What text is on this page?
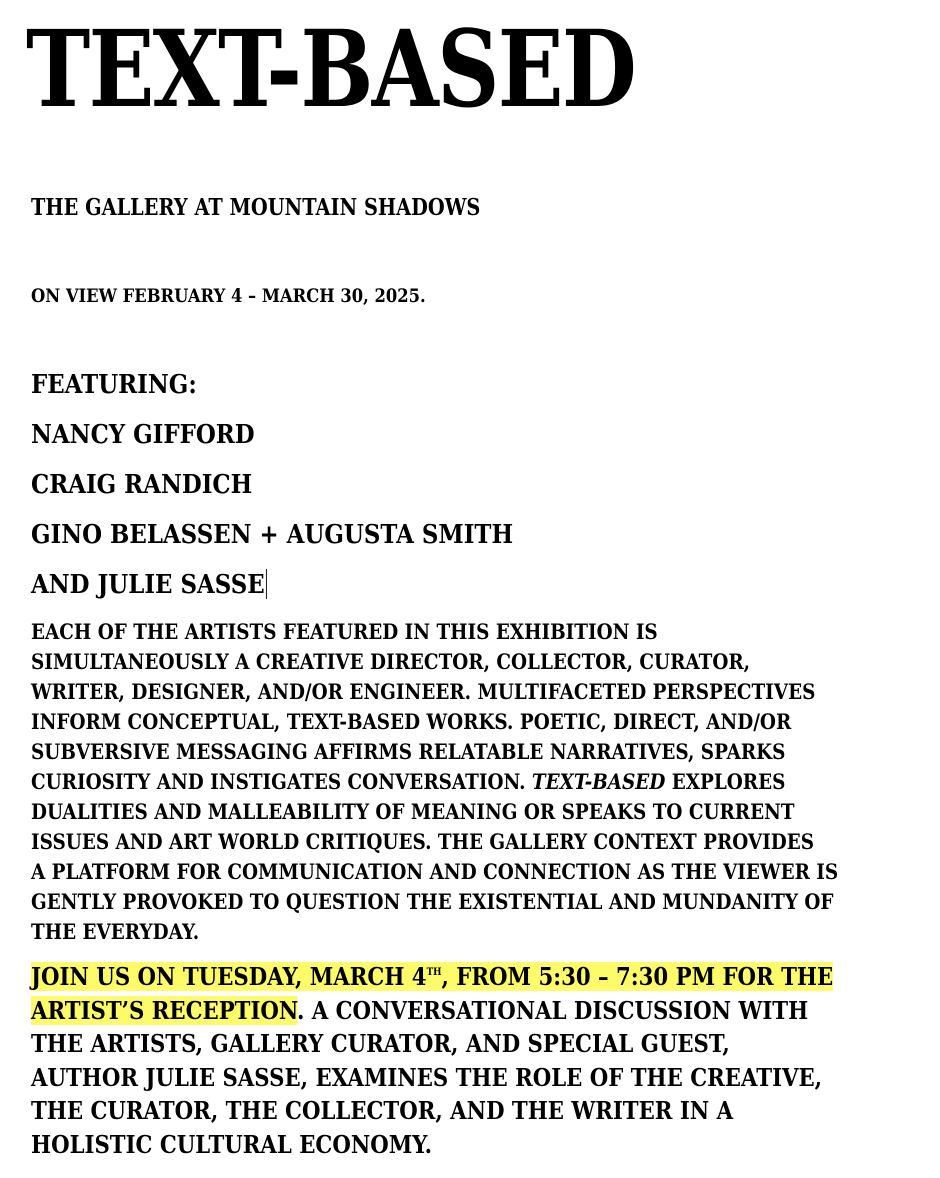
TEXT-BASED

THE GALLERY AT MOUNTAIN SHADOWS

ON VIEW FEBRUARY 4 – MARCH 30, 2025.

FEATURING:

NANCY GIFFORD

CRAIG RANDICH

GINO BELASSEN + AUGUSTA SMITH

AND JULIE SASSE

EACH OF THE ARTISTS FEATURED IN THIS EXHIBITION IS
SIMULTANEOUSLY A CREATIVE DIRECTOR, COLLECTOR, CURATOR,
WRITER, DESIGNER, AND/OR ENGINEER. MULTIFACETED PERSPECTIVES
INFORM CONCEPTUAL, TEXT-BASED WORKS. POETIC, DIRECT, AND/OR
SUBVERSIVE MESSAGING AFFIRMS RELATABLE NARRATIVES, SPARKS
CURIOSITY AND INSTIGATES CONVERSATION. TEXT-BASED EXPLORES
DUALITIES AND MALLEABILITY OF MEANING OR SPEAKS TO CURRENT
ISSUES AND ART WORLD CRITIQUES. THE GALLERY CONTEXT PROVIDES
A PLATFORM FOR COMMUNICATION AND CONNECTION AS THE VIEWER IS
GENTLY PROVOKED TO QUESTION THE EXISTENTIAL AND MUNDANITY OF
THE EVERYDAY.
JOIN US ON TUESDAY, MARCH 4TH, FROM 5:30 – 7:30 PM FOR THE
ARTIST’S RECEPTION. A CONVERSATIONAL DISCUSSION WITH
THE ARTISTS, GALLERY CURATOR, AND SPECIAL GUEST,
AUTHOR JULIE SASSE, EXAMINES THE ROLE OF THE CREATIVE,
THE CURATOR, THE COLLECTOR, AND THE WRITER IN A
HOLISTIC CULTURAL ECONOMY.
